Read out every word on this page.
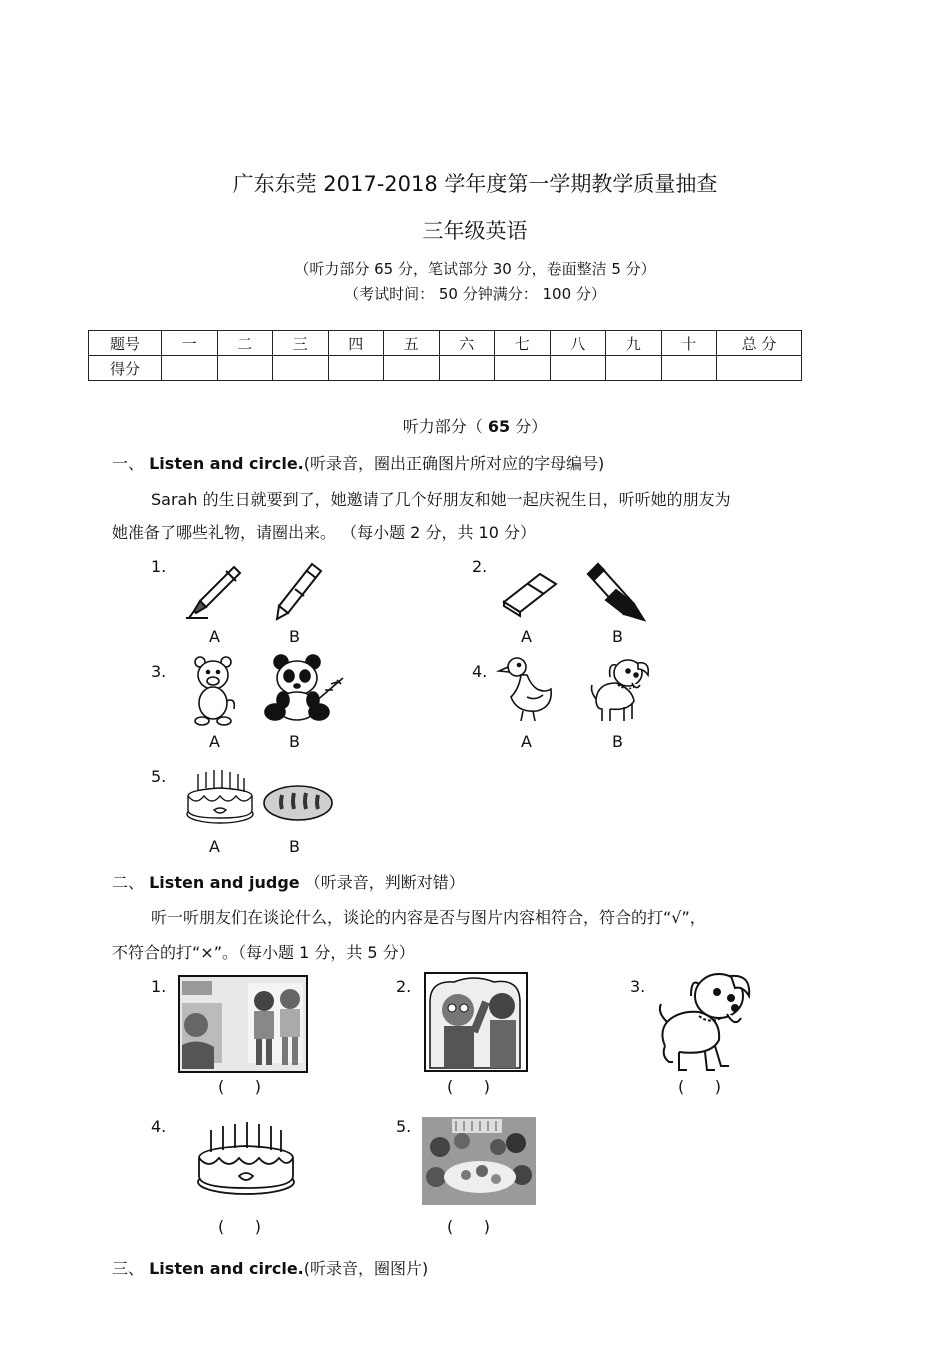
广东东莞 2017-2018 学年度第一学期教学质量抽查
三年级英语
（听力部分 65 分，笔试部分 30 分，卷面整洁 5 分）
（考试时间： 50 分钟满分： 100 分）
题号	一	二	三	四	五	六	七	八	九	十	总 分
得分											
听力部分（ 65 分）
一、 Listen and circle.(听录音，圈出正确图片所对应的字母编号)
Sarah 的生日就要到了，她邀请了几个好朋友和她一起庆祝生日，听听她的朋友为
她准备了哪些礼物，请圈出来。 （每小题 2 分，共 10 分）
1.
A	B
2.
A	B
3.
A	B
4.
A	B
5.
A	B
二、 Listen and judge （听录音，判断对错）
听一听朋友们在谈论什么，谈论的内容是否与图片内容相符合，符合的打“√”，
不符合的打“×”。（每小题 1 分，共 5 分）
1.
(      )
2.
(      )
3.
(      )
4.
(      )
5.
(      )
三、 Listen and circle.(听录音，圈图片)
